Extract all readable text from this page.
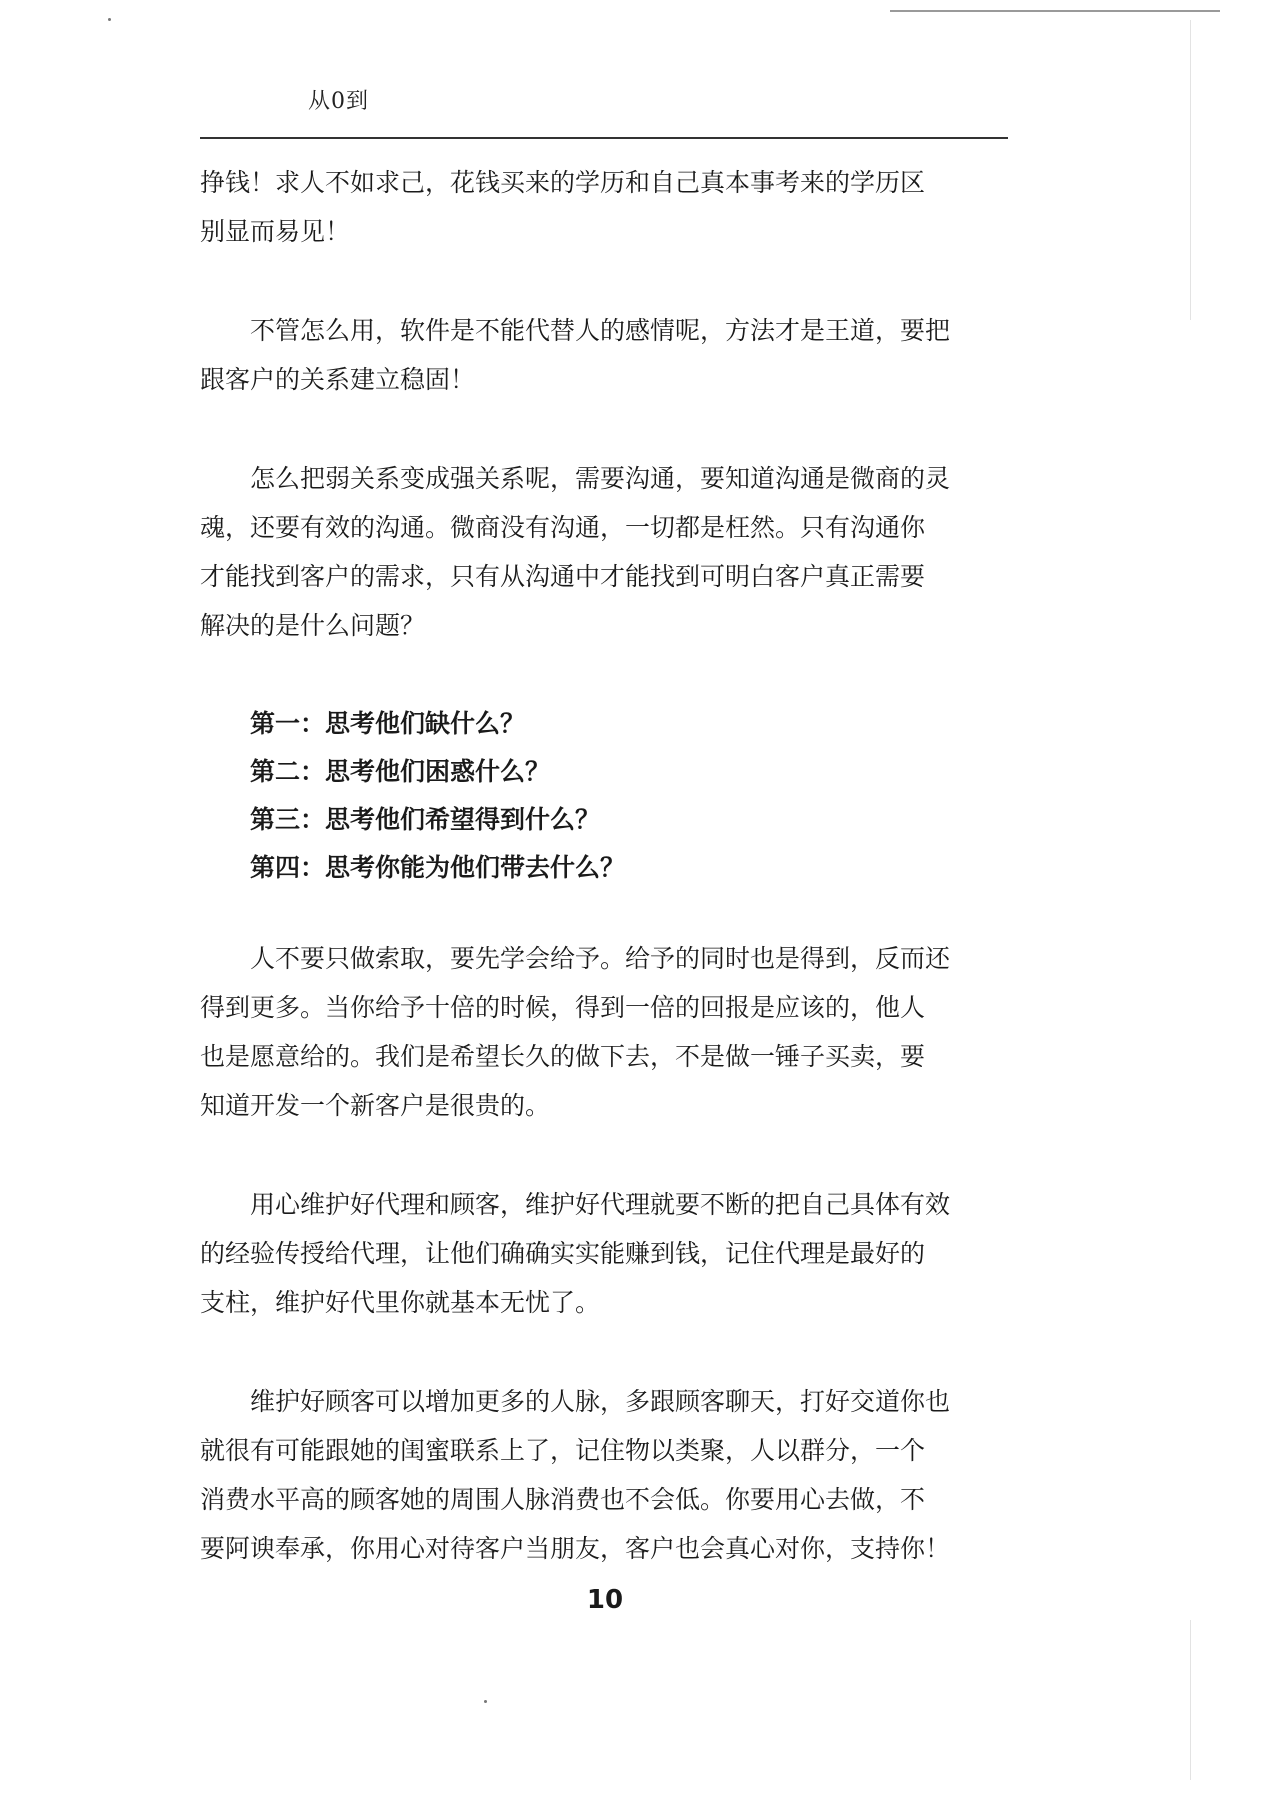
从0到
挣钱！求人不如求己，花钱买来的学历和自己真本事考来的学历区
别显而易见！
不管怎么用，软件是不能代替人的感情呢，方法才是王道，要把
跟客户的关系建立稳固！
怎么把弱关系变成强关系呢，需要沟通，要知道沟通是微商的灵
魂，还要有效的沟通。微商没有沟通，一切都是枉然。只有沟通你
才能找到客户的需求，只有从沟通中才能找到可明白客户真正需要
解决的是什么问题？
第一：思考他们缺什么？
第二：思考他们困惑什么？
第三：思考他们希望得到什么？
第四：思考你能为他们带去什么？
人不要只做索取，要先学会给予。给予的同时也是得到，反而还
得到更多。当你给予十倍的时候，得到一倍的回报是应该的，他人
也是愿意给的。我们是希望长久的做下去，不是做一锤子买卖，要
知道开发一个新客户是很贵的。
用心维护好代理和顾客，维护好代理就要不断的把自己具体有效
的经验传授给代理，让他们确确实实能赚到钱，记住代理是最好的
支柱，维护好代里你就基本无忧了。
维护好顾客可以增加更多的人脉，多跟顾客聊天，打好交道你也
就很有可能跟她的闺蜜联系上了，记住物以类聚，人以群分，一个
消费水平高的顾客她的周围人脉消费也不会低。你要用心去做，不
要阿谀奉承，你用心对待客户当朋友，客户也会真心对你，支持你！
10
